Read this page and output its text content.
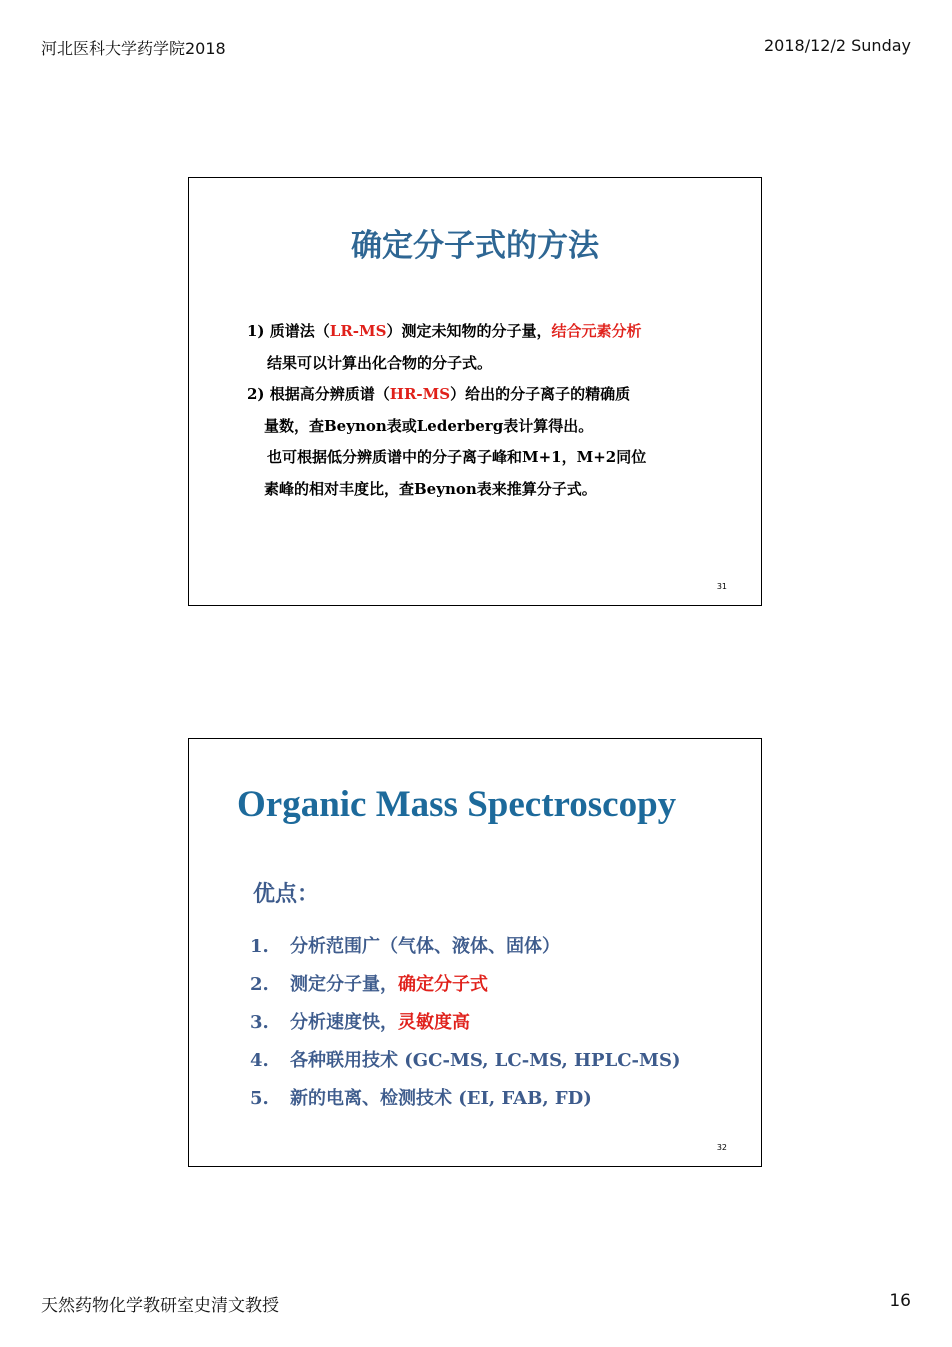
河北医科大学药学院2018	2018/12/2 Sunday
确定分子式的方法
1) 质谱法（LR-MS）测定未知物的分子量，结合元素分析
结果可以计算出化合物的分子式。
2) 根据高分辨质谱（HR-MS）给出的分子离子的精确质
量数，查Beynon表或Lederberg表计算得出。
也可根据低分辨质谱中的分子离子峰和M+1，M+2同位
素峰的相对丰度比，查Beynon表来推算分子式。
31
Organic Mass Spectroscopy
优点：
1. 分析范围广（气体、液体、固体）
2. 测定分子量，确定分子式
3. 分析速度快，灵敏度高
4. 各种联用技术 (GC-MS, LC-MS, HPLC-MS)
5. 新的电离、检测技术 (EI, FAB, FD)
32
天然药物化学教研室史清文教授	16
